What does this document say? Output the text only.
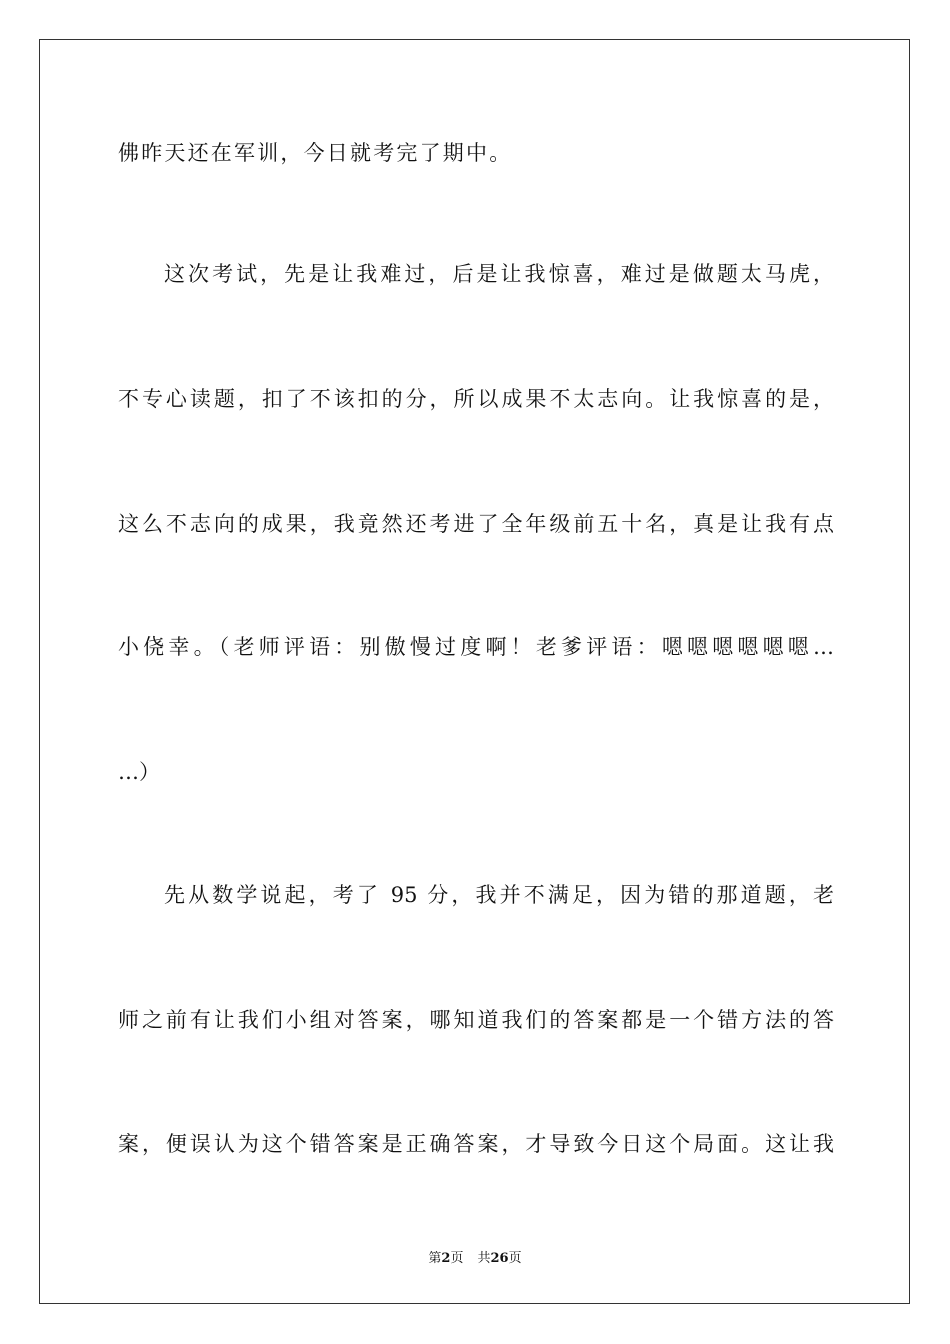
佛昨天还在军训，今日就考完了期中。
这次考试，先是让我难过，后是让我惊喜，难过是做题太马虎，
不专心读题，扣了不该扣的分，所以成果不太志向。让我惊喜的是，
这么不志向的成果，我竟然还考进了全年级前五十名，真是让我有点
小侥幸。（老师评语：别傲慢过度啊！老爹评语：嗯嗯嗯嗯嗯嗯…
…）
先从数学说起，考了 95 分，我并不满足，因为错的那道题，老
师之前有让我们小组对答案，哪知道我们的答案都是一个错方法的答
案，便误认为这个错答案是正确答案，才导致今日这个局面。这让我
第2页 共26页
